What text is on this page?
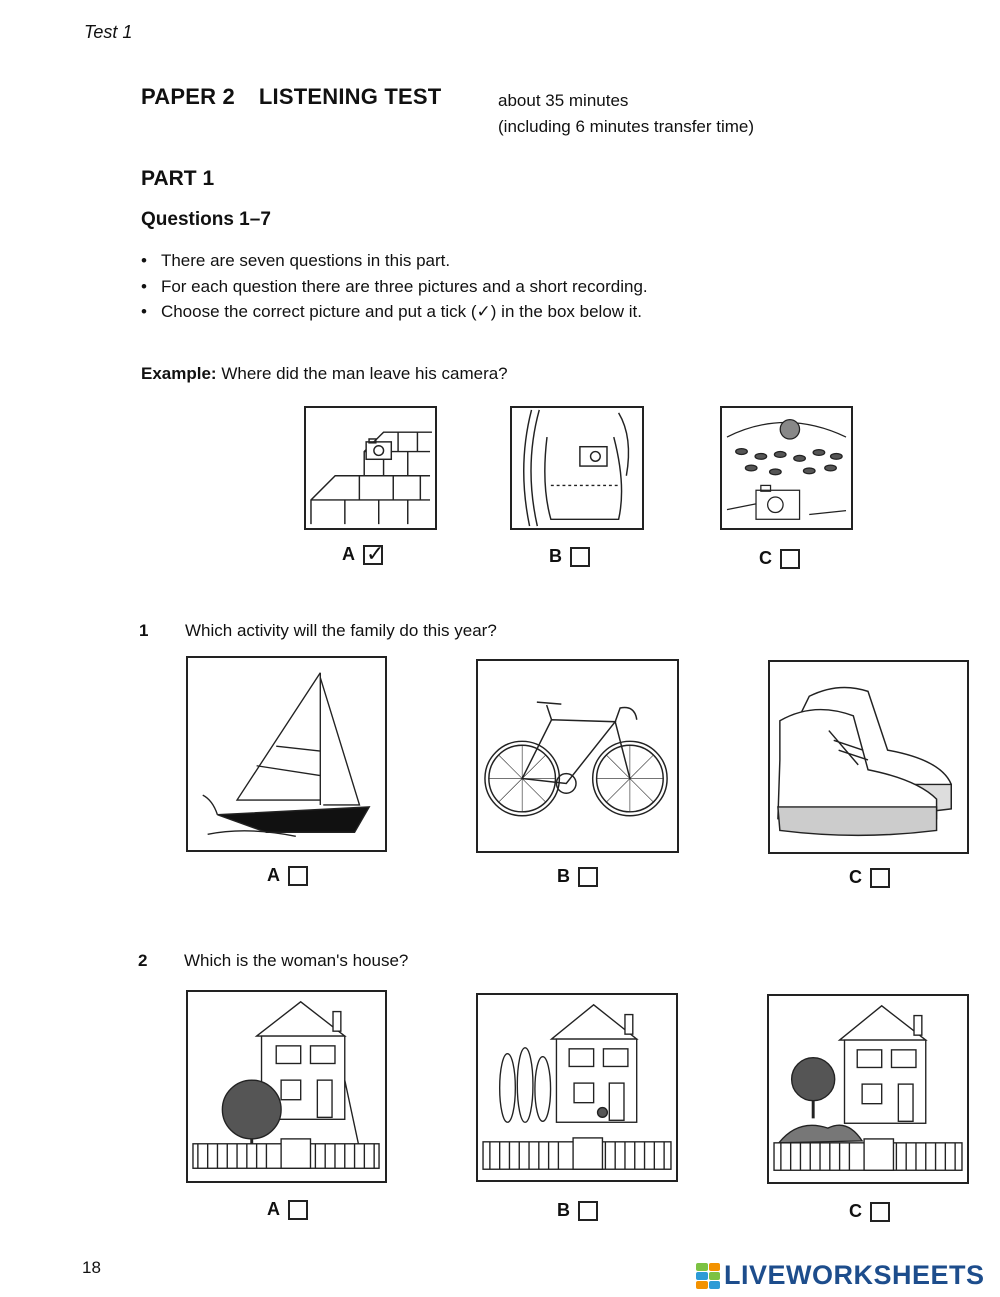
Test 1
PAPER 2 LISTENING TEST	about 35 minutes
(including 6 minutes transfer time)
PART 1
Questions 1–7
• There are seven questions in this part.
• For each question there are three pictures and a short recording.
• Choose the correct picture and put a tick (✓) in the box below it.
Example: Where did the man leave his camera?
A ✓	B	C
1 Which activity will the family do this year?
A	B	C
2 Which is the woman's house?
A	B	C
18	LIVEWORKSHEETS
